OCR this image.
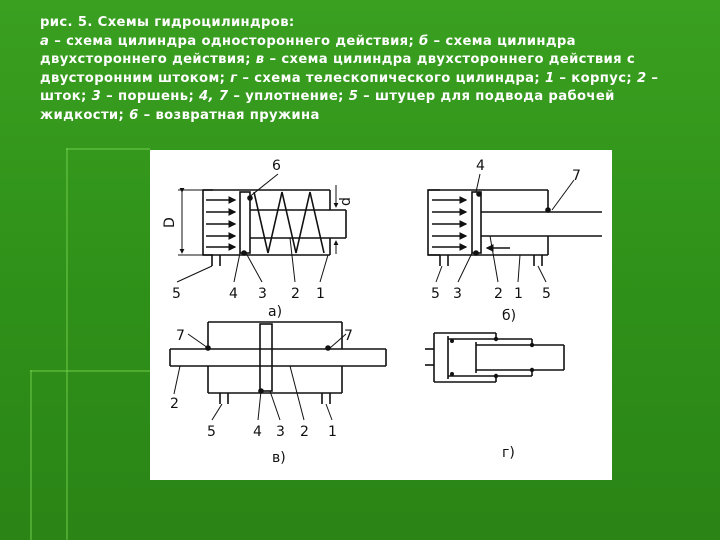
рис. 5. Схемы гидроцилиндров:
а – схема цилиндра одностороннего действия; б – схема цилиндра двухстороннего действия; в – схема цилиндра двухстороннего действия с двусторонним штоком; г – схема телескопического цилиндра; 1 – корпус; 2 – шток; 3 – поршень; 4, 7 – уплотнение; 5 – штуцер для подвода рабочей жидкости; 6 – возвратная пружина
6
D
d
5	4 3 2 1
а)
4
7
5 3 2 1 5
б)
7	7
2
5	4 3 2 1
в)	г)
